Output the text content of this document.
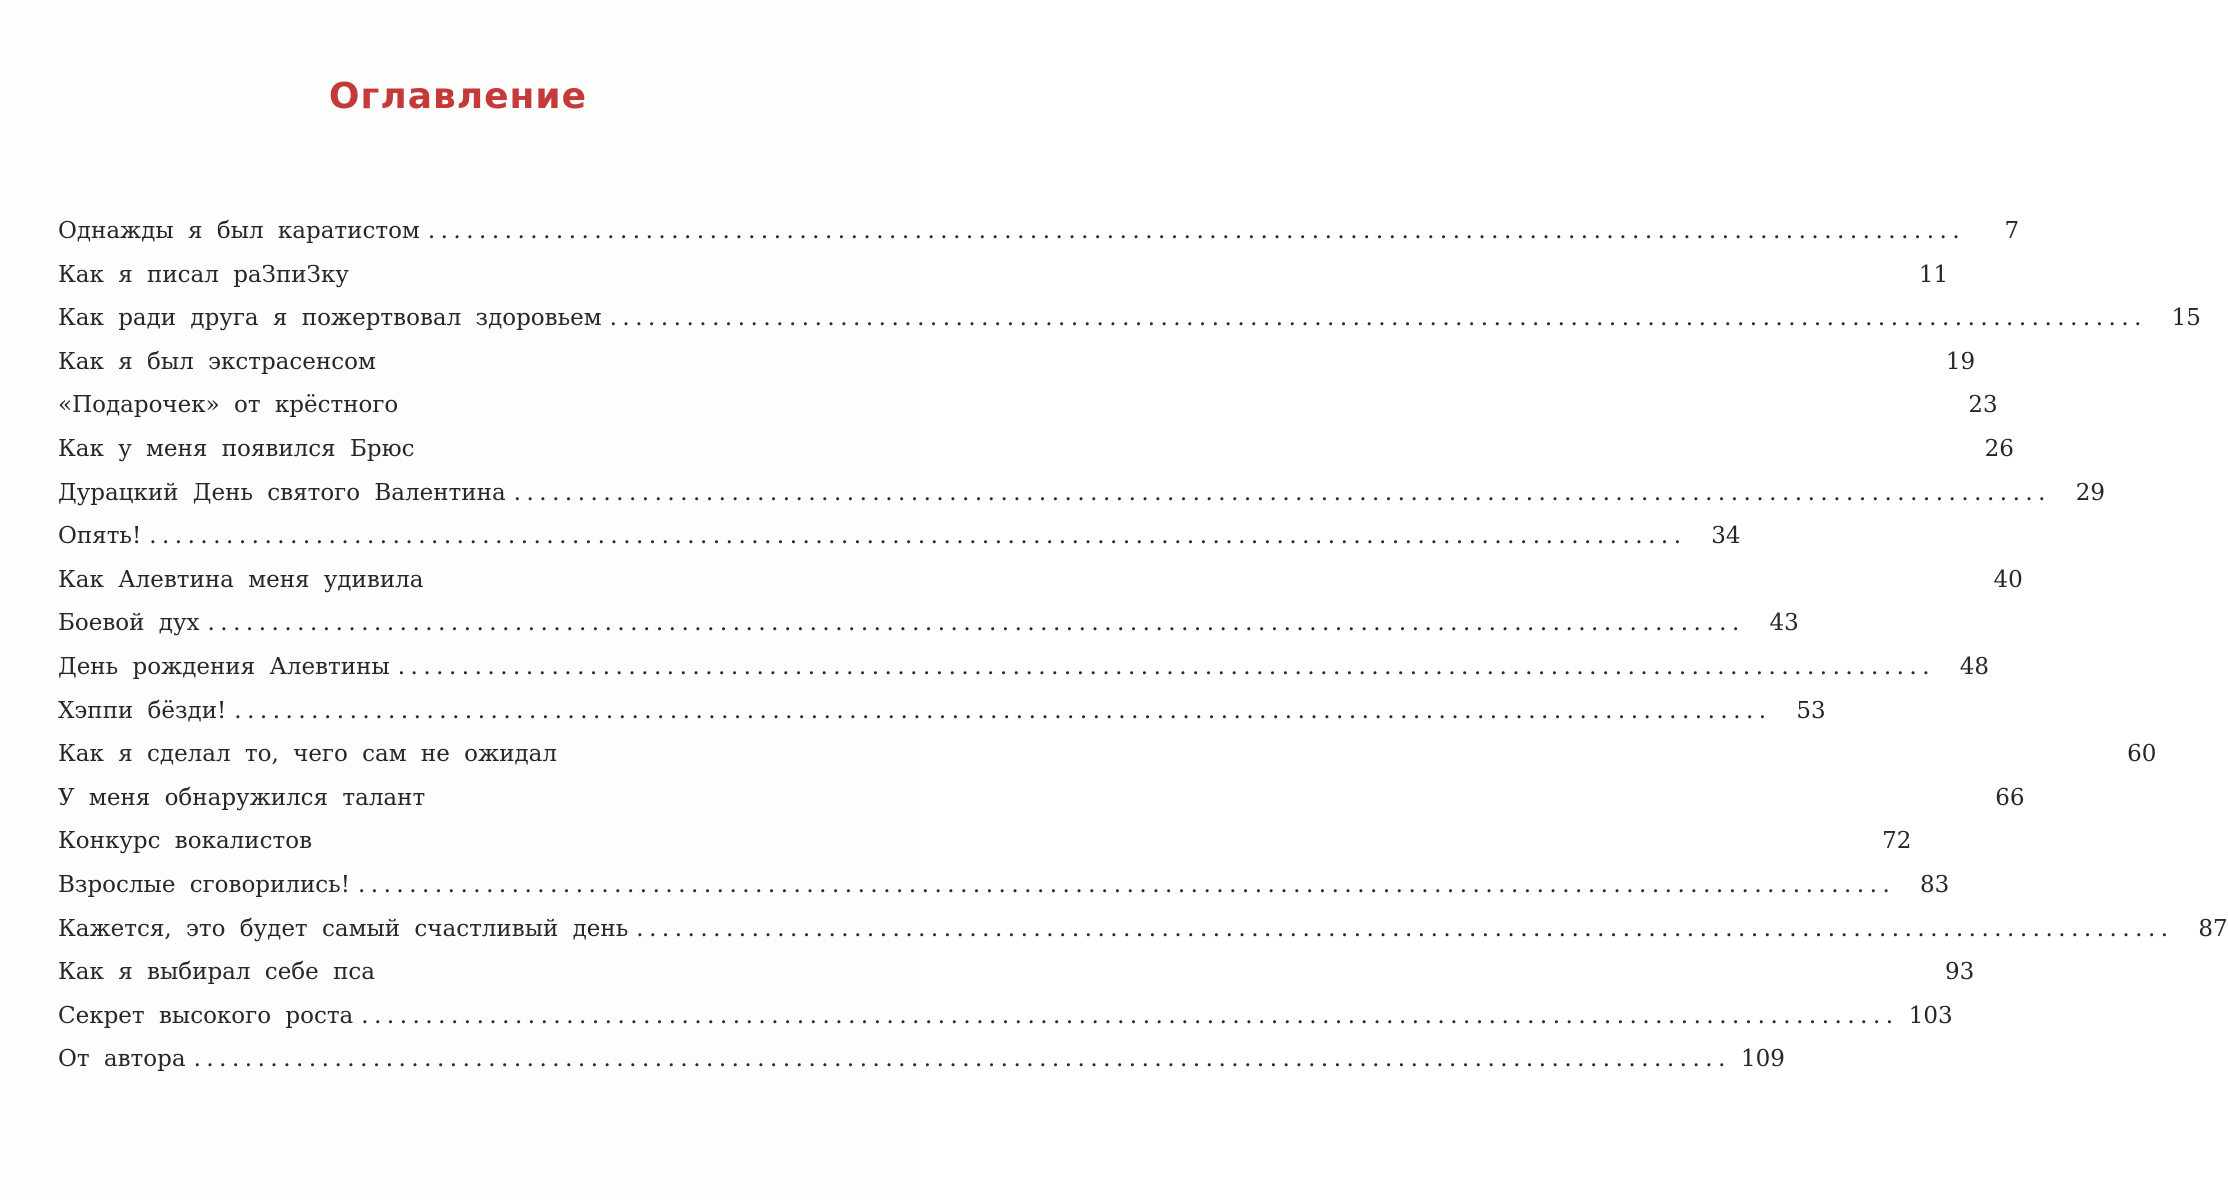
Оглавление
Однажды я был каратистом ........................................................................................................................	7
Как я писал раЗпиЗку	11
Как ради друга я пожертвовал здоровьем ........................................................................................................................	15
Как я был экстрасенсом	19
«Подарочек» от крёстного	23
Как у меня появился Брюс	26
Дурацкий День святого Валентина ........................................................................................................................	29
Опять! ........................................................................................................................	34
Как Алевтина меня удивила	40
Боевой дух ........................................................................................................................	43
День рождения Алевтины ........................................................................................................................	48
Хэппи бёзди! ........................................................................................................................	53
Как я сделал то, чего сам не ожидал	60
У меня обнаружился талант	66
Конкурс вокалистов	72
Взрослые сговорились! ........................................................................................................................	83
Кажется, это будет самый счастливый день ........................................................................................................................	87
Как я выбирал себе пса	93
Секрет высокого роста ........................................................................................................................ 103
От автора ........................................................................................................................ 109
